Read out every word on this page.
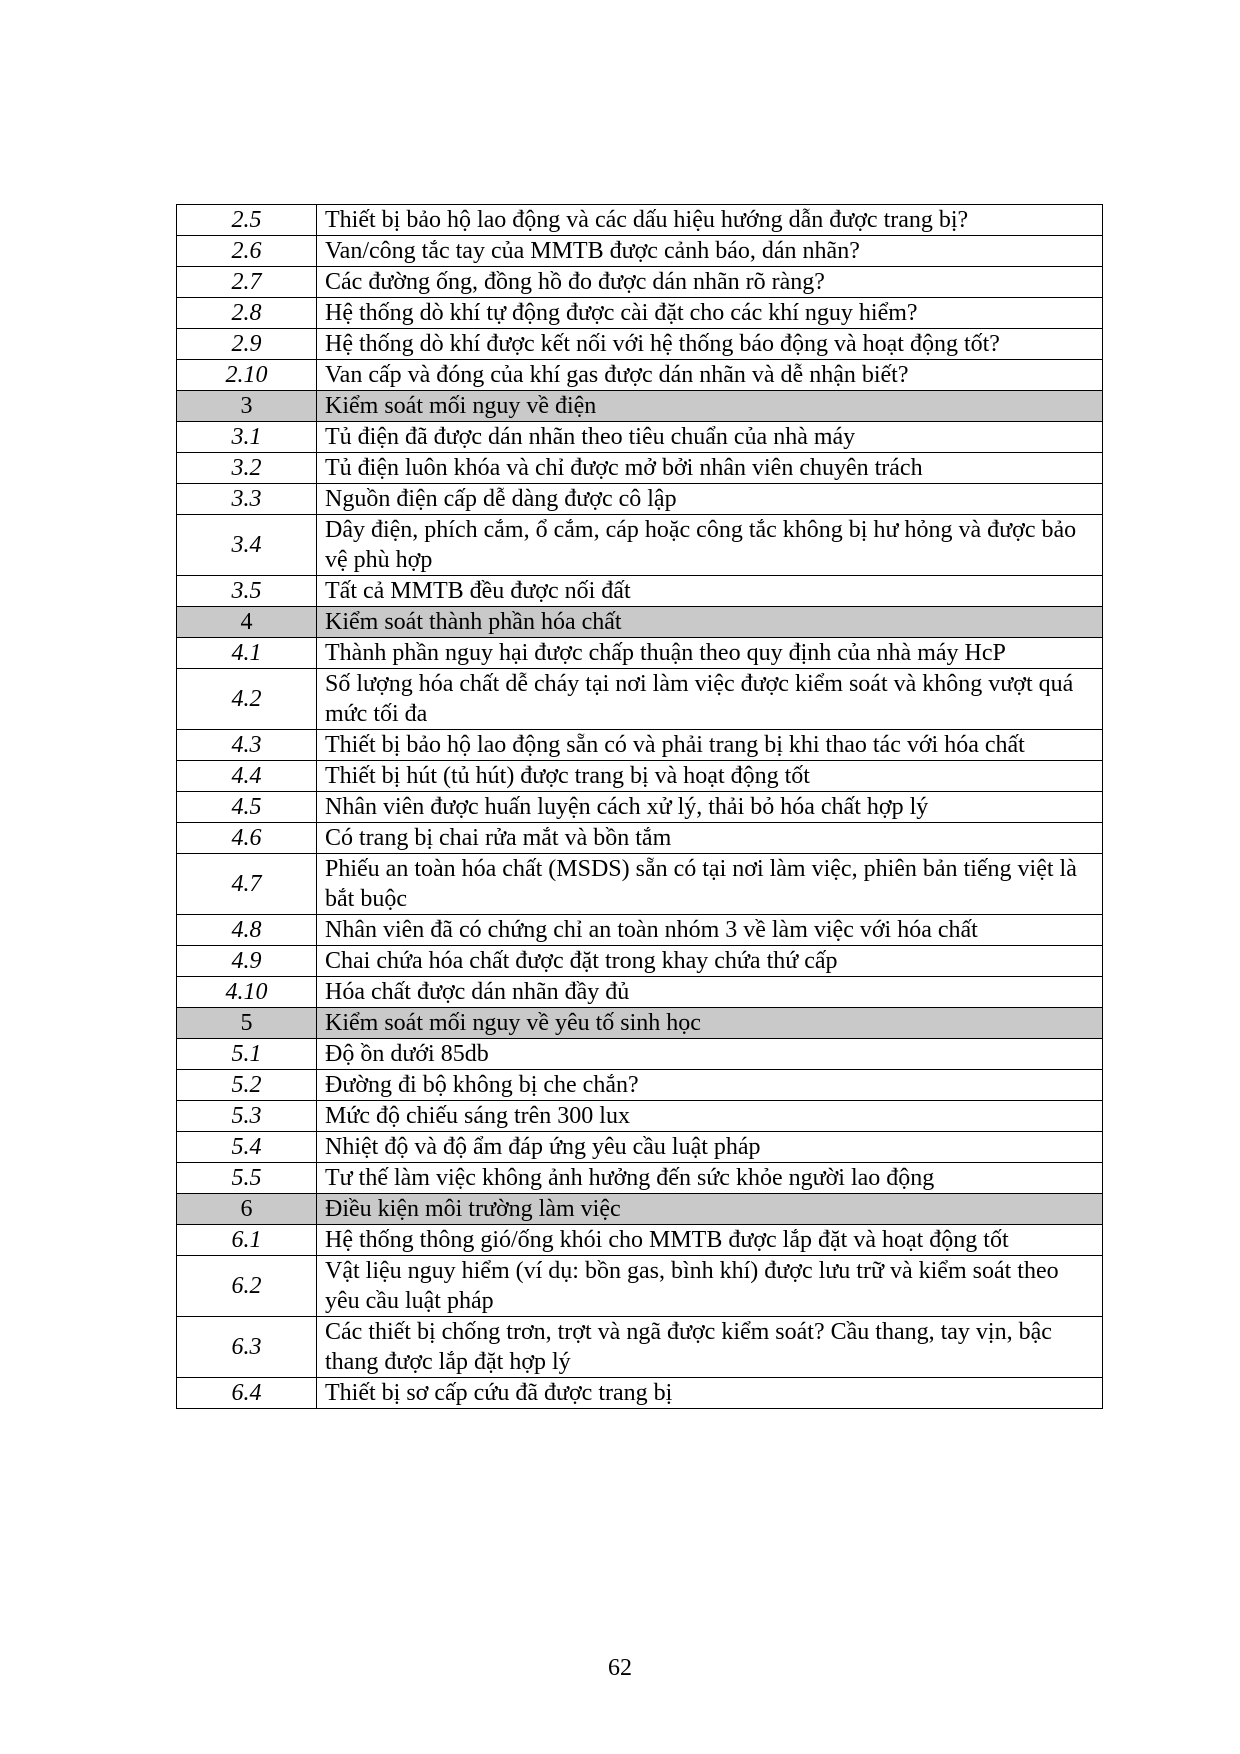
2.5	Thiết bị bảo hộ lao động và các dấu hiệu hướng dẫn được trang bị?
2.6	Van/công tắc tay của MMTB được cảnh báo, dán nhãn?
2.7	Các đường ống, đồng hồ đo được dán nhãn rõ ràng?
2.8	Hệ thống dò khí tự động được cài đặt cho các khí nguy hiểm?
2.9	Hệ thống dò khí được kết nối với hệ thống báo động và hoạt động tốt?
2.10	Van cấp và đóng của khí gas được dán nhãn và dễ nhận biết?
3	Kiểm soát mối nguy về điện
3.1	Tủ điện đã được dán nhãn theo tiêu chuẩn của nhà máy
3.2	Tủ điện luôn khóa và chỉ được mở bởi nhân viên chuyên trách
3.3	Nguồn điện cấp dễ dàng được cô lập
3.4	Dây điện, phích cắm, ổ cắm, cáp hoặc công tắc không bị hư hỏng và được bảo vệ phù hợp
3.5	Tất cả MMTB đều được nối đất
4	Kiểm soát thành phần hóa chất
4.1	Thành phần nguy hại được chấp thuận theo quy định của nhà máy HcP
4.2	Số lượng hóa chất dễ cháy tại nơi làm việc được kiểm soát và không vượt quá mức tối đa
4.3	Thiết bị bảo hộ lao động sẵn có và phải trang bị khi thao tác với hóa chất
4.4	Thiết bị hút (tủ hút) được trang bị và hoạt động tốt
4.5	Nhân viên được huấn luyện cách xử lý, thải bỏ hóa chất hợp lý
4.6	Có trang bị chai rửa mắt và bồn tắm
4.7	Phiếu an toàn hóa chất (MSDS) sẵn có tại nơi làm việc, phiên bản tiếng việt là bắt buộc
4.8	Nhân viên đã có chứng chỉ an toàn nhóm 3 về làm việc với hóa chất
4.9	Chai chứa hóa chất được đặt trong khay chứa thứ cấp
4.10	Hóa chất được dán nhãn đầy đủ
5	Kiểm soát mối nguy về yêu tố sinh học
5.1	Độ ồn dưới 85db
5.2	Đường đi bộ không bị che chắn?
5.3	Mức độ chiếu sáng trên 300 lux
5.4	Nhiệt độ và độ ẩm đáp ứng yêu cầu luật pháp
5.5	Tư thế làm việc không ảnh hưởng đến sức khỏe người lao động
6	Điều kiện môi trường làm việc
6.1	Hệ thống thông gió/ống khói cho MMTB được lắp đặt và hoạt động tốt
6.2	Vật liệu nguy hiểm (ví dụ: bồn gas, bình khí) được lưu trữ và kiểm soát theo yêu cầu luật pháp
6.3	Các thiết bị chống trơn, trợt và ngã được kiểm soát? Cầu thang, tay vịn, bậc thang được lắp đặt hợp lý
6.4	Thiết bị sơ cấp cứu đã được trang bị
62
